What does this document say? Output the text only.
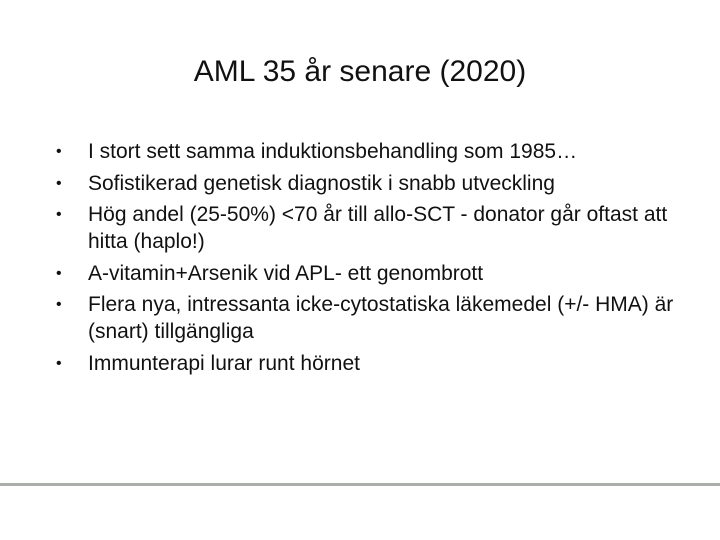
AML 35 år senare (2020)
•	I stort sett samma induktionsbehandling som 1985…
•	Sofistikerad genetisk diagnostik i snabb utveckling
•	Hög andel (25-50%) <70 år till allo-SCT - donator går oftast att hitta (haplo!)
•	A-vitamin+Arsenik vid APL- ett genombrott
•	Flera nya, intressanta icke-cytostatiska läkemedel (+/- HMA) är (snart) tillgängliga
•	Immunterapi lurar runt hörnet
